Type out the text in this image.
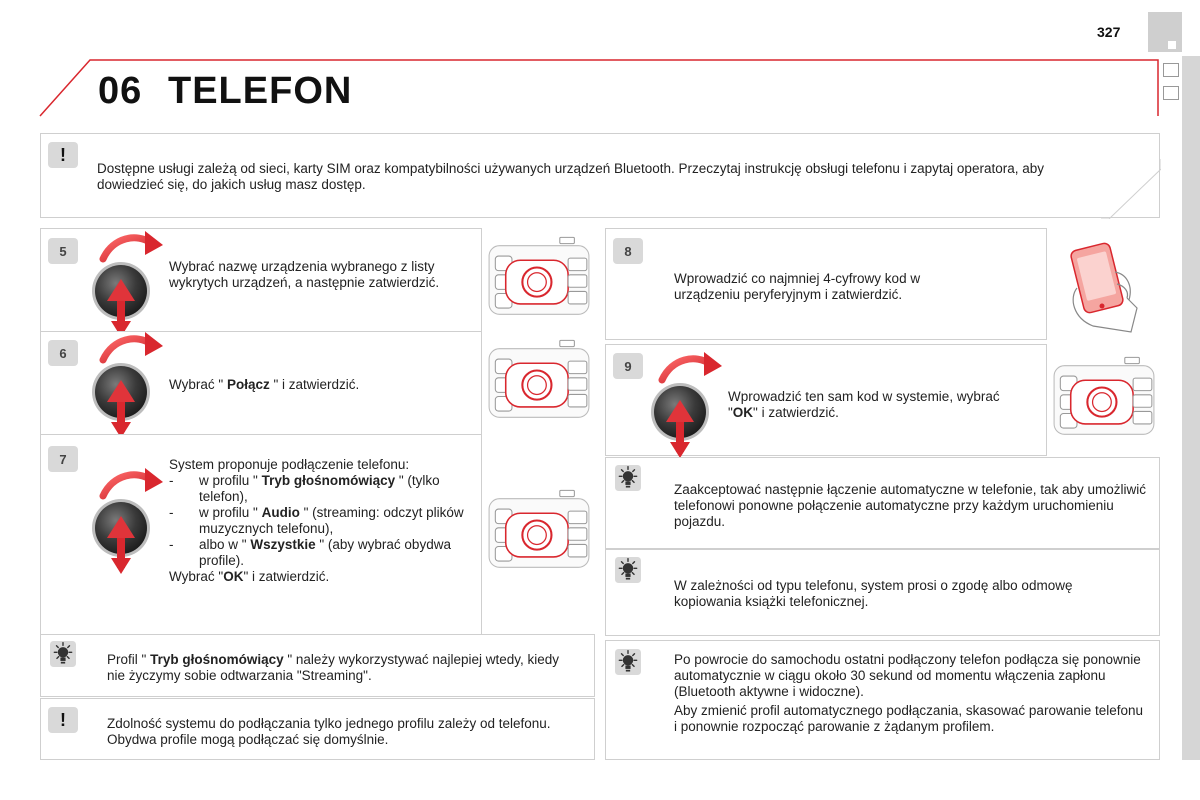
327
06 TELEFON
!
Dostępne usługi zależą od sieci, karty SIM oraz kompatybilności używanych urządzeń Bluetooth. Przeczytaj instrukcję obsługi telefonu i zapytaj operatora, aby dowiedzieć się, do jakich usług masz dostęp.
5
Wybrać nazwę urządzenia wybranego z listy wykrytych urządzeń, a następnie zatwierdzić.
6
Wybrać " Połącz " i zatwierdzić.
7	System proponuje podłączenie telefonu:
- w profilu " Tryb głośnomówiący " (tylko telefon),
- w profilu " Audio " (streaming: odczyt plików muzycznych telefonu),
- albo w " Wszystkie " (aby wybrać obydwa profile).
Wybrać "OK" i zatwierdzić.
Profil " Tryb głośnomówiący " należy wykorzystywać najlepiej wtedy, kiedy nie życzymy sobie odtwarzania "Streaming".
!	Zdolność systemu do podłączania tylko jednego profilu zależy od telefonu. Obydwa profile mogą podłączać się domyślnie.
8
Wprowadzić co najmniej 4-cyfrowy kod w urządzeniu peryferyjnym i zatwierdzić.
9
Wprowadzić ten sam kod w systemie, wybrać "OK" i zatwierdzić.
Zaakceptować następnie łączenie automatyczne w telefonie, tak aby umożliwić telefonowi ponowne połączenie automatyczne przy każdym uruchomieniu pojazdu.
W zależności od typu telefonu, system prosi o zgodę albo odmowę kopiowania książki telefonicznej.
Po powrocie do samochodu ostatni podłączony telefon podłącza się ponownie automatycznie w ciągu około 30 sekund od momentu włączenia zapłonu (Bluetooth aktywne i widoczne).
Aby zmienić profil automatycznego podłączania, skasować parowanie telefonu i ponownie rozpocząć parowanie z żądanym profilem.
